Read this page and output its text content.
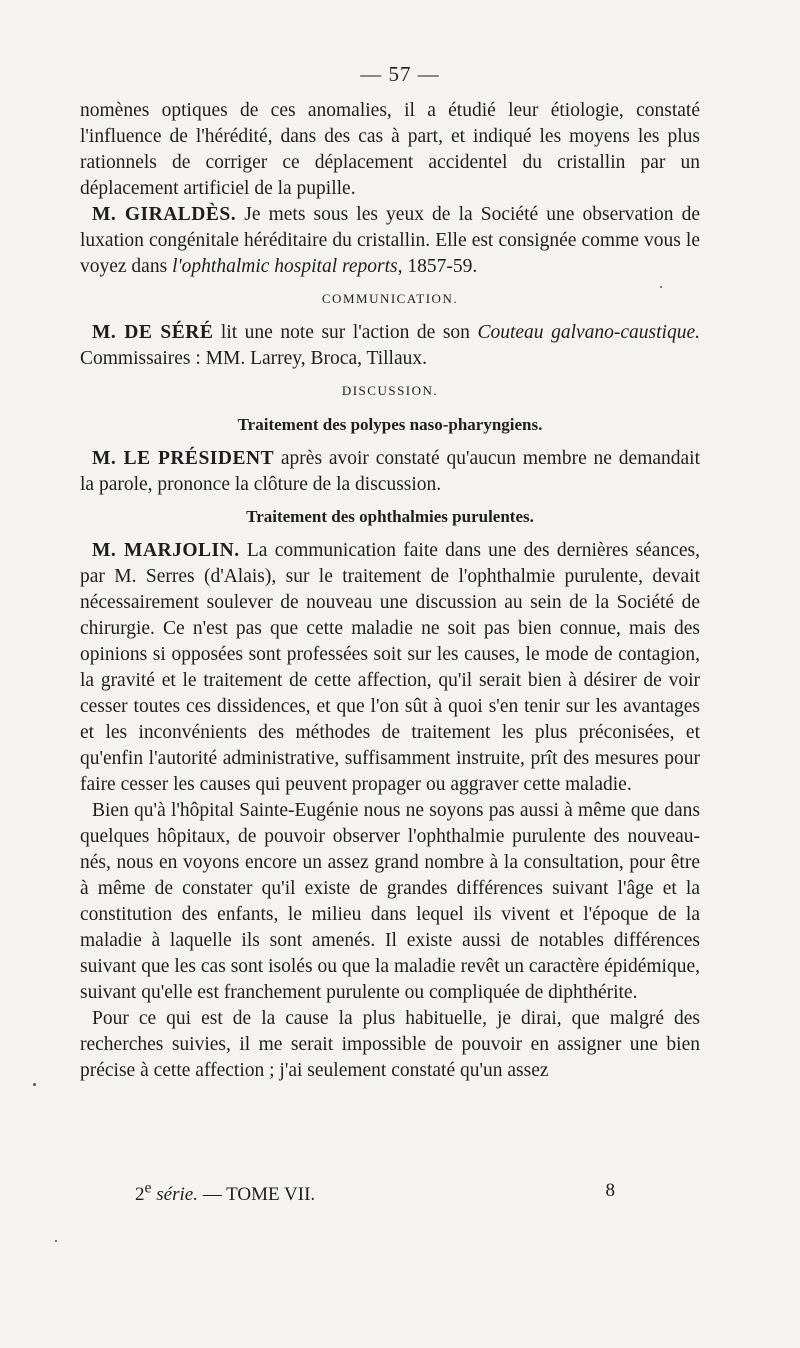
— 57 —

nomènes optiques de ces anomalies, il a étudié leur étiologie, constaté l'influence de l'hérédité, dans des cas à part, et indiqué les moyens les plus rationnels de corriger ce déplacement accidentel du cristallin par un déplacement artificiel de la pupille.

M. GIRALDÈS. Je mets sous les yeux de la Société une observation de luxation congénitale héréditaire du cristallin. Elle est consignée comme vous le voyez dans l'ophthalmic hospital reports, 1857-59.

COMMUNICATION.

M. DE SÉRÉ lit une note sur l'action de son Couteau galvano-caustique. Commissaires : MM. Larrey, Broca, Tillaux.

DISCUSSION.
Traitement des polypes naso-pharyngiens.

M. LE PRÉSIDENT après avoir constaté qu'aucun membre ne demandait la parole, prononce la clôture de la discussion.

Traitement des ophthalmies purulentes.

M. MARJOLIN. La communication faite dans une des dernières séances, par M. Serres (d'Alais), sur le traitement de l'ophthalmie purulente, devait nécessairement soulever de nouveau une discussion au sein de la Société de chirurgie. Ce n'est pas que cette maladie ne soit pas bien connue, mais des opinions si opposées sont professées soit sur les causes, le mode de contagion, la gravité et le traitement de cette affection, qu'il serait bien à désirer de voir cesser toutes ces dissidences, et que l'on sût à quoi s'en tenir sur les avantages et les inconvénients des méthodes de traitement les plus préconisées, et qu'enfin l'autorité administrative, suffisamment instruite, prît des mesures pour faire cesser les causes qui peuvent propager ou aggraver cette maladie.

Bien qu'à l'hôpital Sainte-Eugénie nous ne soyons pas aussi à même que dans quelques hôpitaux, de pouvoir observer l'ophthalmie purulente des nouveau-nés, nous en voyons encore un assez grand nombre à la consultation, pour être à même de constater qu'il existe de grandes différences suivant l'âge et la constitution des enfants, le milieu dans lequel ils vivent et l'époque de la maladie à laquelle ils sont amenés. Il existe aussi de notables différences suivant que les cas sont isolés ou que la maladie revêt un caractère épidémique, suivant qu'elle est franchement purulente ou compliquée de diphthérite.

Pour ce qui est de la cause la plus habituelle, je dirai, que malgré des recherches suivies, il me serait impossible de pouvoir en assigner une bien précise à cette affection ; j'ai seulement constaté qu'un assez

2e série. — TOME VII.	8
